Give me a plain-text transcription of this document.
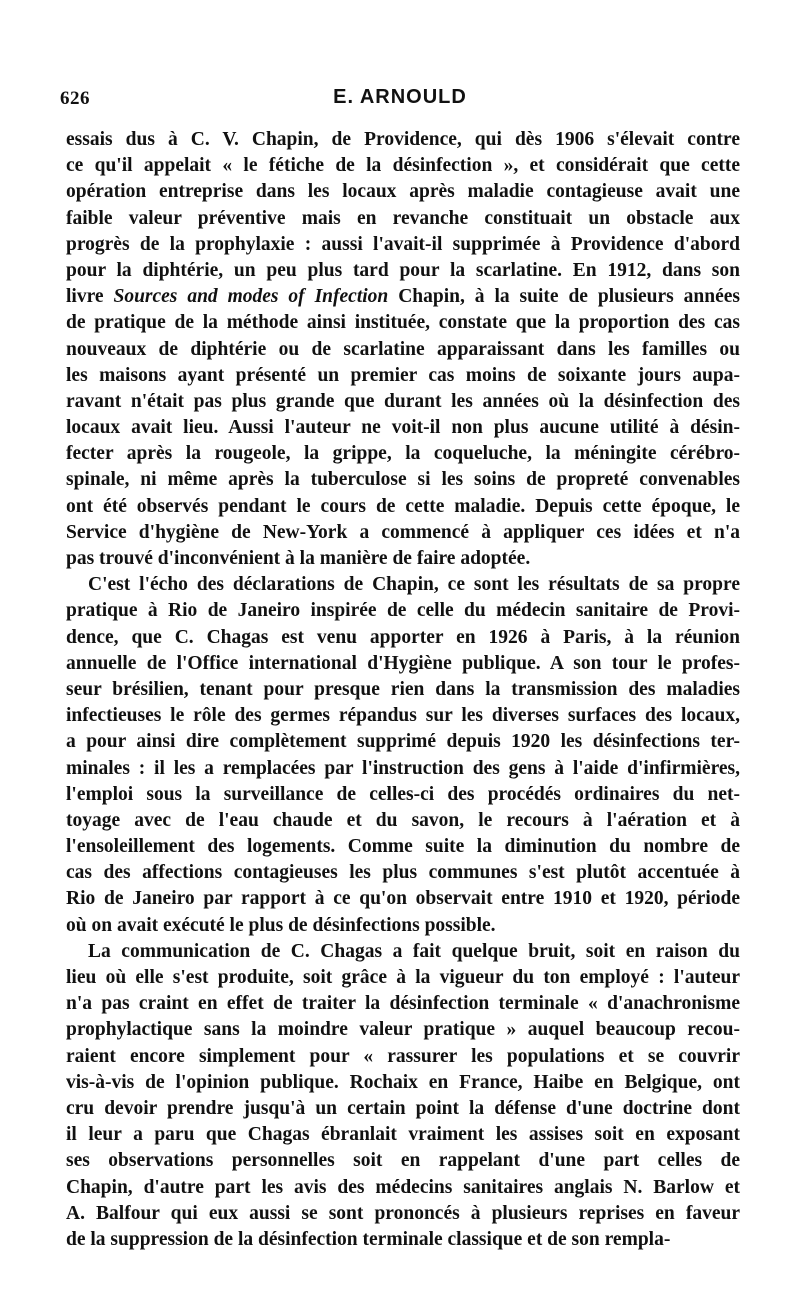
626	E. ARNOULD
essais dus à C. V. Chapin, de Providence, qui dès 1906 s'élevait contre
ce qu'il appelait « le fétiche de la désinfection », et considérait que cette
opération entreprise dans les locaux après maladie contagieuse avait une
faible valeur préventive mais en revanche constituait un obstacle aux
progrès de la prophylaxie : aussi l'avait-il supprimée à Providence d'abord
pour la diphtérie, un peu plus tard pour la scarlatine. En 1912, dans son
livre Sources and modes of Infection Chapin, à la suite de plusieurs années
de pratique de la méthode ainsi instituée, constate que la proportion des cas
nouveaux de diphtérie ou de scarlatine apparaissant dans les familles ou
les maisons ayant présenté un premier cas moins de soixante jours aupa-
ravant n'était pas plus grande que durant les années où la désinfection des
locaux avait lieu. Aussi l'auteur ne voit-il non plus aucune utilité à désin-
fecter après la rougeole, la grippe, la coqueluche, la méningite cérébro-
spinale, ni même après la tuberculose si les soins de propreté convenables
ont été observés pendant le cours de cette maladie. Depuis cette époque, le
Service d'hygiène de New-York a commencé à appliquer ces idées et n'a
pas trouvé d'inconvénient à la manière de faire adoptée.
C'est l'écho des déclarations de Chapin, ce sont les résultats de sa propre
pratique à Rio de Janeiro inspirée de celle du médecin sanitaire de Provi-
dence, que C. Chagas est venu apporter en 1926 à Paris, à la réunion
annuelle de l'Office international d'Hygiène publique. A son tour le profes-
seur brésilien, tenant pour presque rien dans la transmission des maladies
infectieuses le rôle des germes répandus sur les diverses surfaces des locaux,
a pour ainsi dire complètement supprimé depuis 1920 les désinfections ter-
minales : il les a remplacées par l'instruction des gens à l'aide d'infirmières,
l'emploi sous la surveillance de celles-ci des procédés ordinaires du net-
toyage avec de l'eau chaude et du savon, le recours à l'aération et à
l'ensoleillement des logements. Comme suite la diminution du nombre de
cas des affections contagieuses les plus communes s'est plutôt accentuée à
Rio de Janeiro par rapport à ce qu'on observait entre 1910 et 1920, période
où on avait exécuté le plus de désinfections possible.
La communication de C. Chagas a fait quelque bruit, soit en raison du
lieu où elle s'est produite, soit grâce à la vigueur du ton employé : l'auteur
n'a pas craint en effet de traiter la désinfection terminale « d'anachronisme
prophylactique sans la moindre valeur pratique » auquel beaucoup recou-
raient encore simplement pour « rassurer les populations et se couvrir
vis-à-vis de l'opinion publique. Rochaix en France, Haibe en Belgique, ont
cru devoir prendre jusqu'à un certain point la défense d'une doctrine dont
il leur a paru que Chagas ébranlait vraiment les assises soit en exposant
ses observations personnelles soit en rappelant d'une part celles de
Chapin, d'autre part les avis des médecins sanitaires anglais N. Barlow et
A. Balfour qui eux aussi se sont prononcés à plusieurs reprises en faveur
de la suppression de la désinfection terminale classique et de son rempla-
